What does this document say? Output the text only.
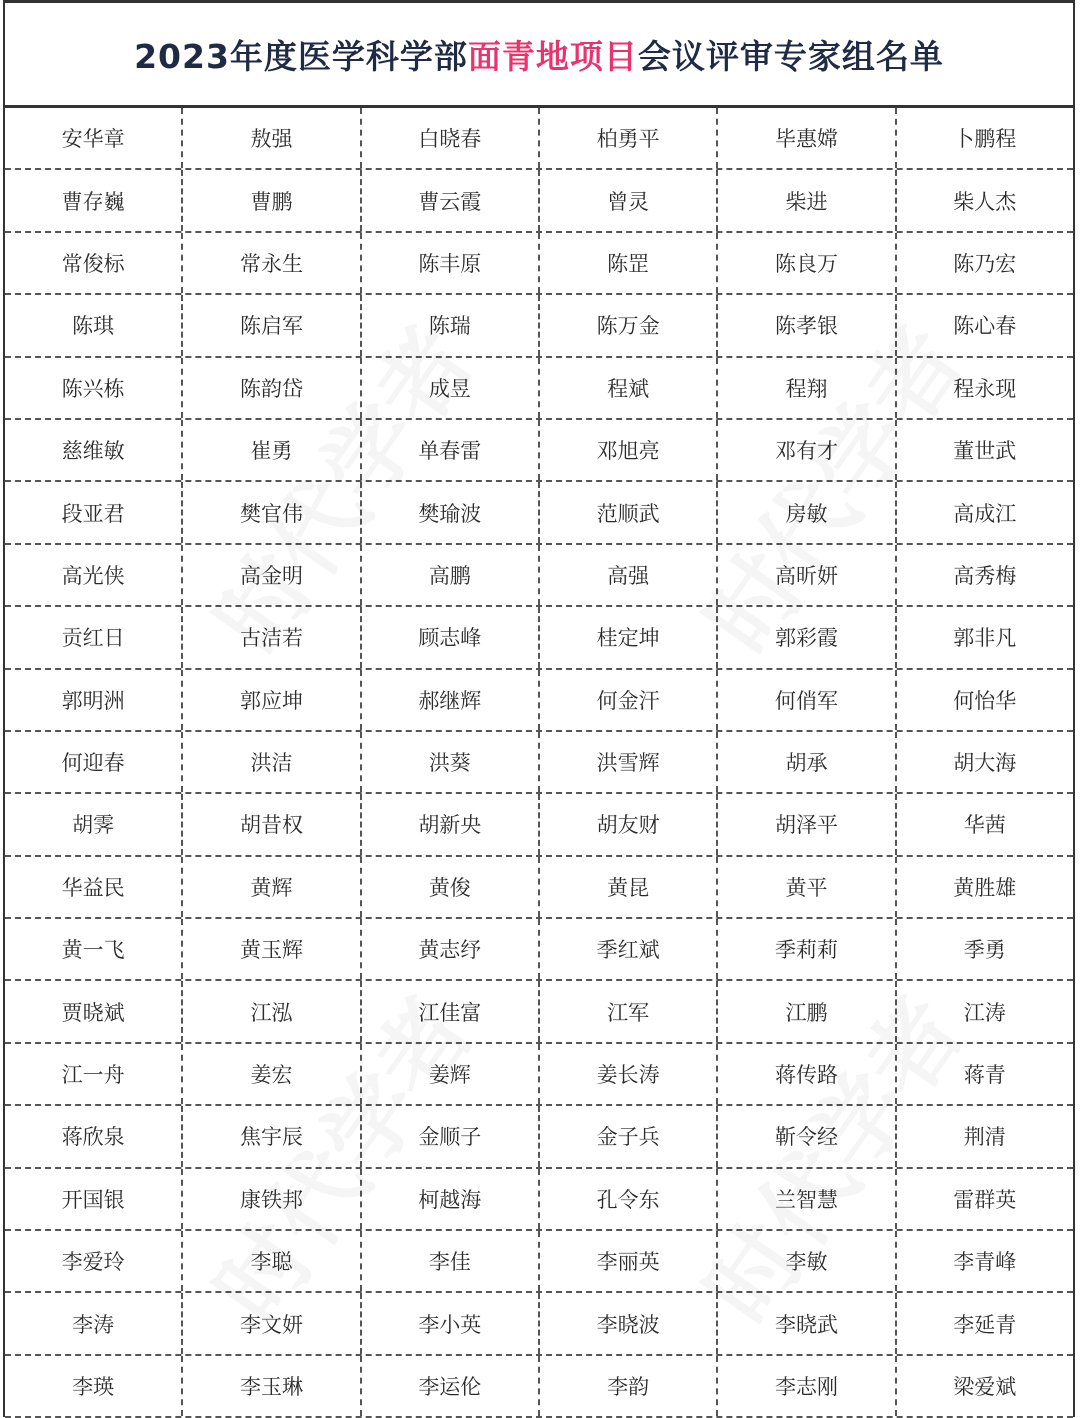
2023年度医学科学部面青地项目会议评审专家组名单
安华章	敖强	白晓春	柏勇平	毕惠嫦	卜鹏程
曹存巍	曹鹏	曹云霞	曾灵	柴进	柴人杰
常俊标	常永生	陈丰原	陈罡	陈良万	陈乃宏
陈琪	陈启军	陈瑞	陈万金	陈孝银	陈心春
陈兴栋	陈韵岱	成昱	程斌	程翔	程永现
慈维敏	崔勇	单春雷	邓旭亮	邓有才	董世武
段亚君	樊官伟	樊瑜波	范顺武	房敏	高成江
高光侠	高金明	高鹏	高强	高昕妍	高秀梅
贡红日	古洁若	顾志峰	桂定坤	郭彩霞	郭非凡
郭明洲	郭应坤	郝继辉	何金汗	何俏军	何怡华
何迎春	洪洁	洪葵	洪雪辉	胡承	胡大海
胡霁	胡昔权	胡新央	胡友财	胡泽平	华茜
华益民	黄辉	黄俊	黄昆	黄平	黄胜雄
黄一飞	黄玉辉	黄志纾	季红斌	季莉莉	季勇
贾晓斌	江泓	江佳富	江军	江鹏	江涛
江一舟	姜宏	姜辉	姜长涛	蒋传路	蒋青
蒋欣泉	焦宇辰	金顺子	金子兵	靳令经	荆清
开国银	康铁邦	柯越海	孔令东	兰智慧	雷群英
李爱玲	李聪	李佳	李丽英	李敏	李青峰
李涛	李文妍	李小英	李晓波	李晓武	李延青
李瑛	李玉琳	李运伦	李韵	李志刚	梁爱斌
